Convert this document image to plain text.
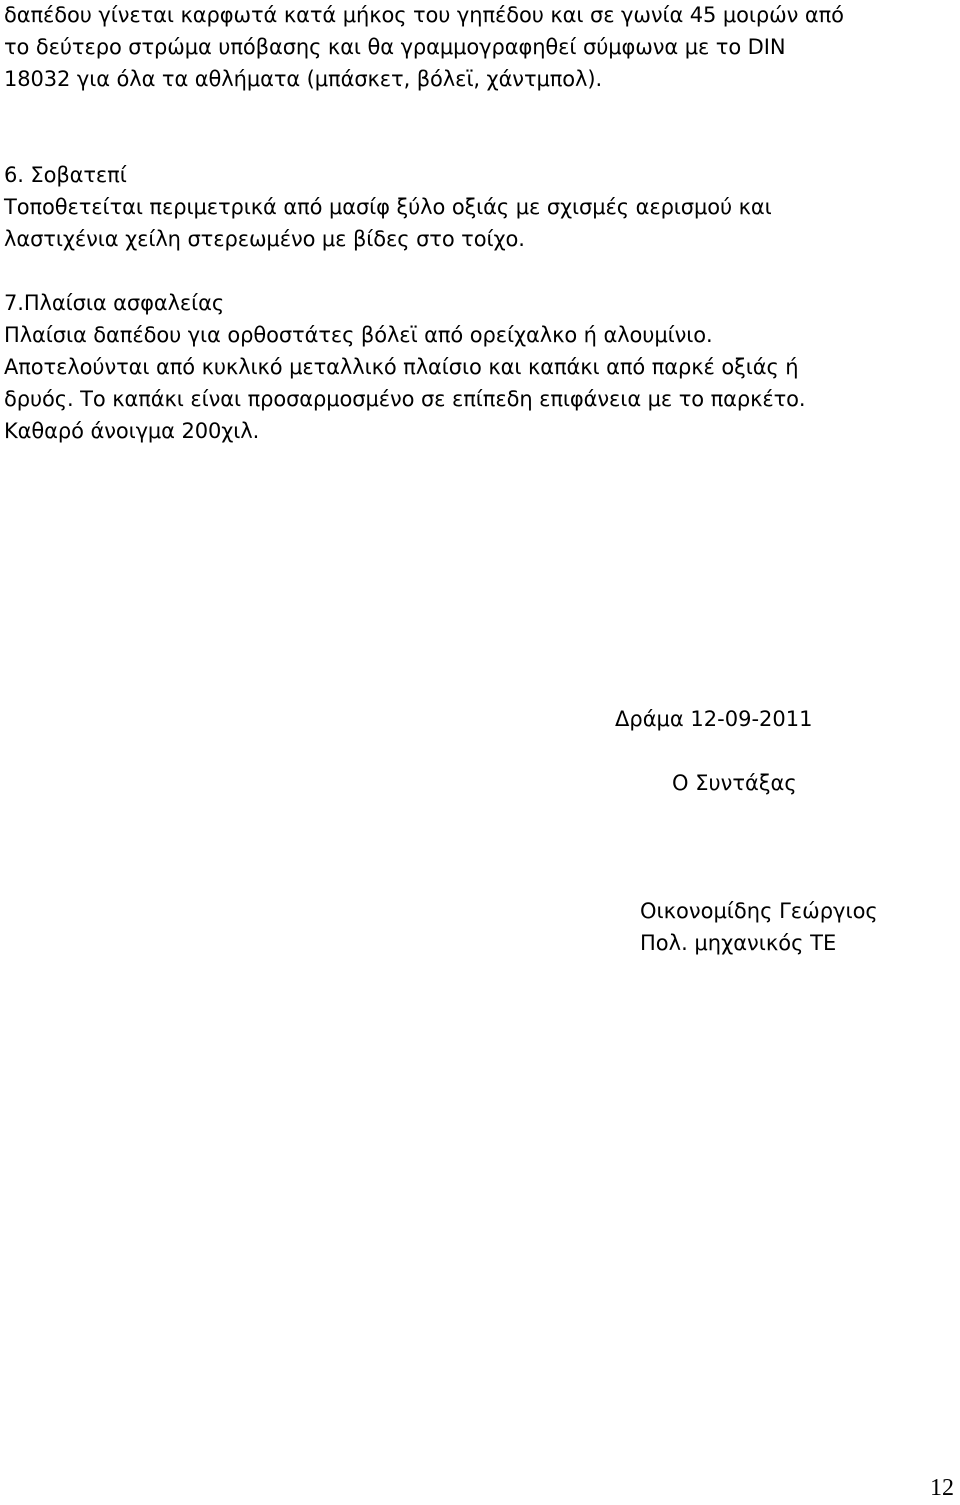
δαπέδου γίνεται καρφωτά κατά μήκος του γηπέδου και σε γωνία 45 μοιρών από
το δεύτερο στρώμα υπόβασης και θα γραμμογραφηθεί σύμφωνα με το DIN
18032 για όλα τα αθλήματα (μπάσκετ, βόλεϊ, χάντμπολ).
6. Σοβατεπί
Τοποθετείται περιμετρικά από μασίφ ξύλο οξιάς με σχισμές αερισμού και
λαστιχένια χείλη στερεωμένο με βίδες στο τοίχο.
7.Πλαίσια ασφαλείας
Πλαίσια δαπέδου για ορθοστάτες βόλεϊ από ορείχαλκο ή αλουμίνιο.
Αποτελούνται από κυκλικό μεταλλικό πλαίσιο και καπάκι από παρκέ οξιάς ή
δρυός. Το καπάκι είναι προσαρμοσμένο σε επίπεδη επιφάνεια με το παρκέτο.
Καθαρό άνοιγμα 200χιλ.
Δράμα 12-09-2011
Ο Συντάξας
Οικονομίδης Γεώργιος
Πολ. μηχανικός ΤΕ
12
